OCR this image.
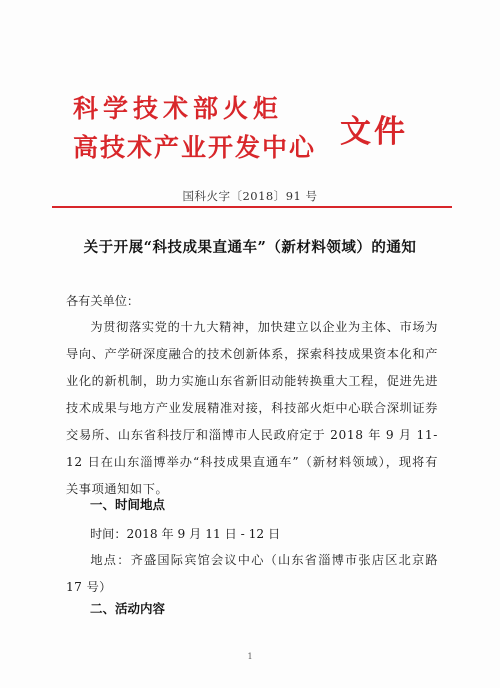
科学技术部火炬
高技术产业开发中心 文件
国科火字〔2018〕91 号
关于开展“科技成果直通车”（新材料领域）的通知
各有关单位：
为贯彻落实党的十九大精神，加快建立以企业为主体、市场为导向、产学研深度融合的技术创新体系，探索科技成果资本化和产业化的新机制，助力实施山东省新旧动能转换重大工程，促进先进技术成果与地方产业发展精准对接，科技部火炬中心联合深圳证券交易所、山东省科技厅和淄博市人民政府定于 2018 年 9 月 11-12 日在山东淄博举办“科技成果直通车”（新材料领域），现将有关事项通知如下。
一、时间地点
时间：2018 年 9 月 11 日 - 12 日
地点：齐盛国际宾馆会议中心（山东省淄博市张店区北京路 17 号）
二、活动内容
1
